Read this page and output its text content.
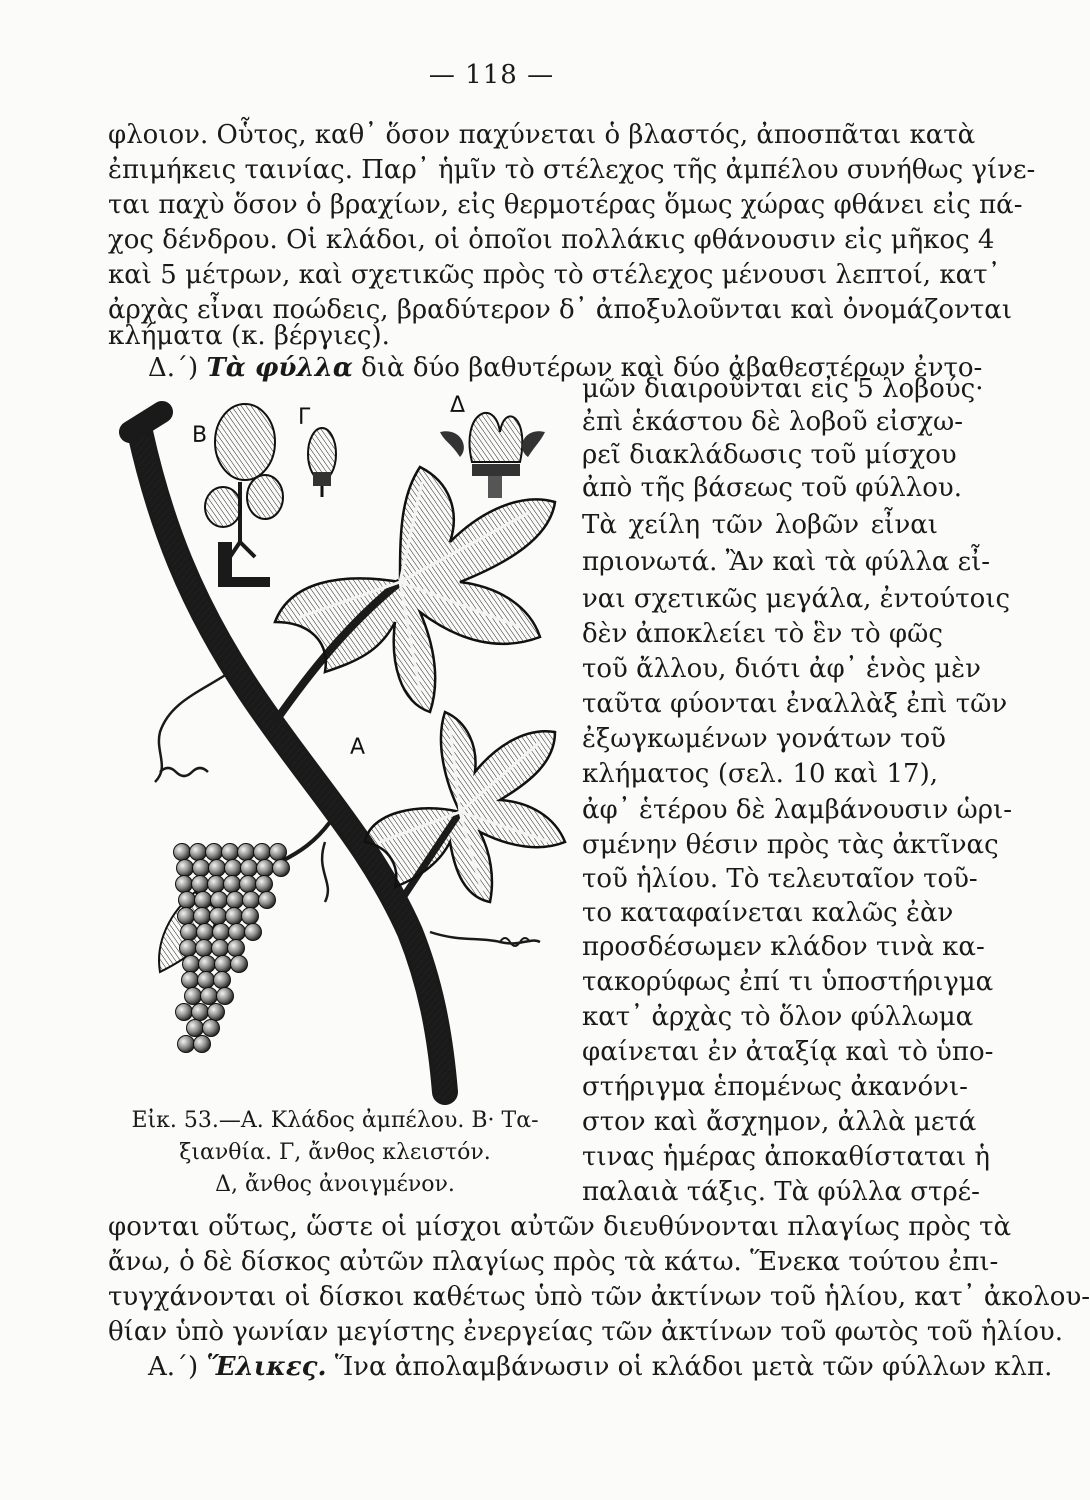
— 118 —
φλοιον. Οὗτος, καθ᾽ ὅσον παχύνεται ὁ βλαστός, ἀποσπᾶται κατὰ
ἐπιμήκεις ταινίας. Παρ᾽ ἡμῖν τὸ στέλεχος τῆς ἀμπέλου συνήθως γίνε-
ται παχὺ ὅσον ὁ βραχίων, εἰς θερμοτέρας ὅμως χώρας φθάνει εἰς πά-
χος δένδρου. Οἱ κλάδοι, οἱ ὁποῖοι πολλάκις φθάνουσιν εἰς μῆκος 4
καὶ 5 μέτρων, καὶ σχετικῶς πρὸς τὸ στέλεχος μένουσι λεπτοί, κατ᾽
ἀρχὰς εἶναι ποώδεις, βραδύτερον δ᾽ ἀποξυλοῦνται καὶ ὀνομάζονται
κλήματα (κ. βέργιες).
Δ.´) Τὰ φύλλα διὰ δύο βαθυτέρων καὶ δύο ἀβαθεστέρων ἐντο-
μῶν διαιροῦνται εἰς 5 λοβούς·
ἐπὶ ἑκάστου δὲ λοβοῦ εἰσχω-
ρεῖ διακλάδωσις τοῦ μίσχου
ἀπὸ τῆς βάσεως τοῦ φύλλου.
Τὰ χείλη τῶν λοβῶν εἶναι
πριονωτά. Ἂν καὶ τὰ φύλλα εἶ-
ναι σχετικῶς μεγάλα, ἐντούτοις
δὲν ἀποκλείει τὸ ἓν τὸ φῶς
τοῦ ἄλλου, διότι ἀφ᾽ ἑνὸς μὲν
ταῦτα φύονται ἐναλλὰξ ἐπὶ τῶν
ἐξωγκωμένων γονάτων τοῦ
κλήματος (σελ. 10 καὶ 17),
ἀφ᾽ ἑτέρου δὲ λαμβάνουσιν ὡρι-
σμένην θέσιν πρὸς τὰς ἀκτῖνας
τοῦ ἡλίου. Τὸ τελευταῖον τοῦ-
το καταφαίνεται καλῶς ἐὰν
προσδέσωμεν κλάδον τινὰ κα-
τακορύφως ἐπί τι ὑποστήριγμα
κατ᾽ ἀρχὰς τὸ ὅλον φύλλωμα
φαίνεται ἐν ἀταξίᾳ καὶ τὸ ὑπο-
στήριγμα ἑπομένως ἀκανόνι-
στον καὶ ἄσχημον, ἀλλὰ μετά
τινας ἡμέρας ἀποκαθίσταται ἡ
παλαιὰ τάξις. Τὰ φύλλα στρέ-
Α
Β
Γ	Δ
Εἰκ. 53.—Α. Κλάδος ἀμπέλου. Β· Τα-
ξιανθία. Γ, ἄνθος κλειστόν.
Δ, ἄνθος ἀνοιγμένον.
φονται οὕτως, ὥστε οἱ μίσχοι αὐτῶν διευθύνονται πλαγίως πρὸς τὰ
ἄνω, ὁ δὲ δίσκος αὐτῶν πλαγίως πρὸς τὰ κάτω. Ἕνεκα τούτου ἐπι-
τυγχάνονται οἱ δίσκοι καθέτως ὑπὸ τῶν ἀκτίνων τοῦ ἡλίου, κατ᾽ ἀκολου-
θίαν ὑπὸ γωνίαν μεγίστης ἐνεργείας τῶν ἀκτίνων τοῦ φωτὸς τοῦ ἡλίου.
Α.´) Ἕλικες. Ἵνα ἀπολαμβάνωσιν οἱ κλάδοι μετὰ τῶν φύλλων κλπ.
